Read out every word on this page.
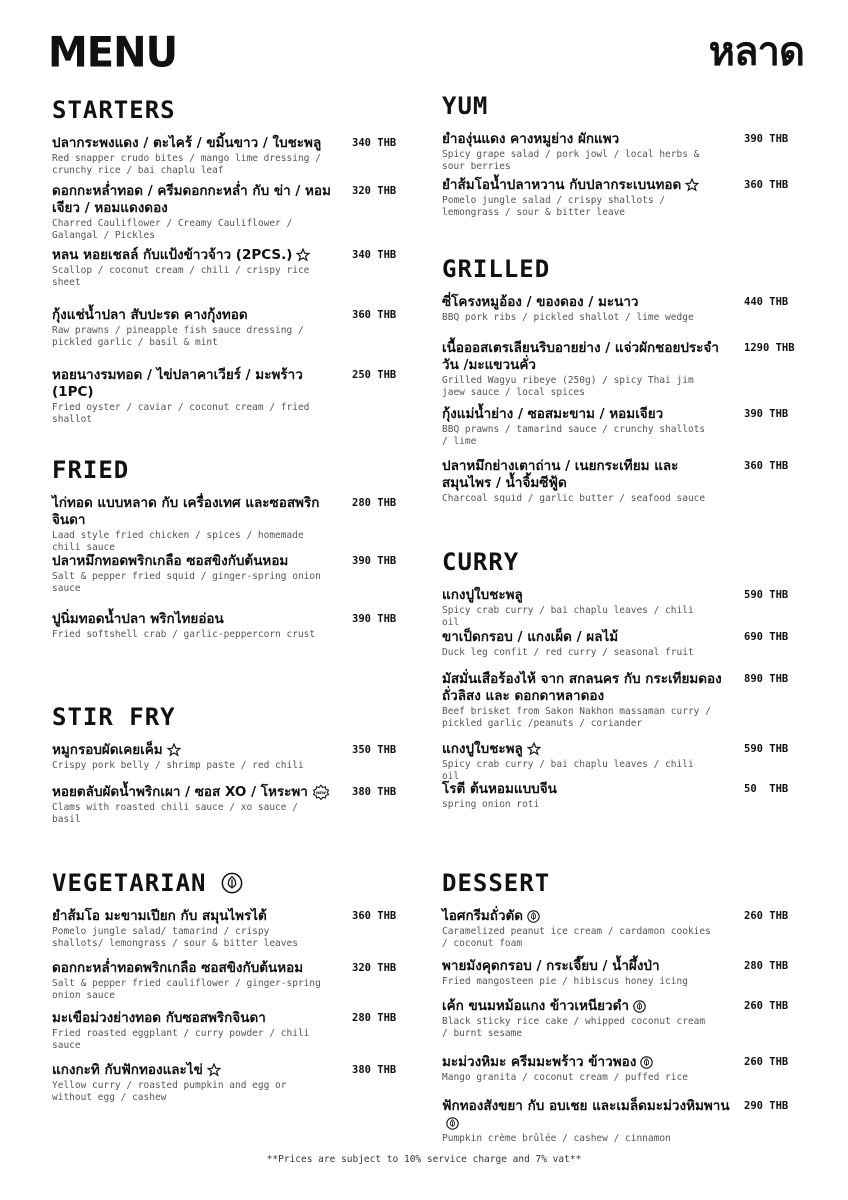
MENU	หลาด
STARTERS
ปลากระพงแดง / ตะไคร้ / ขมิ้นขาว / ใบชะพลู
Red snapper crudo bites / mango lime dressing / crunchy rice / bai chaplu leaf
340 THB
ดอกกะหล่ำทอด / ครีมดอกกะหล่ำ กับ ข่า / หอมเจียว / หอมแดงดอง
Charred Cauliflower / Creamy Cauliflower / Galangal / Pickles
320 THB
หลน หอยเชลล์ กับแป้งข้าวจ้าว (2PCS.)
Scallop / coconut cream / chili / crispy rice sheet
340 THB
กุ้งแช่น้ำปลา สับปะรด คางกุ้งทอด
Raw prawns / pineapple fish sauce dressing / pickled garlic / basil & mint
360 THB
หอยนางรมทอด / ไข่ปลาคาเวียร์ / มะพร้าว (1PC)
Fried oyster / caviar / coconut cream / fried shallot
250 THB
FRIED
ไก่ทอด แบบหลาด กับ เครื่องเทศ และซอสพริกจินดา
Laad style fried chicken / spices / homemade chili sauce
280 THB
ปลาหมึกทอดพริกเกลือ ซอสขิงกับต้นหอม
Salt & pepper fried squid / ginger-spring onion sauce
390 THB
ปูนิ่มทอดน้ำปลา พริกไทยอ่อน
Fried softshell crab / garlic-peppercorn crust
390 THB
STIR FRY
หมูกรอบผัดเคยเค็ม
Crispy pork belly / shrimp paste / red chili
350 THB
หอยตลับผัดน้ำพริกเผา / ซอส XO / โหระพา NEW
Clams with roasted chili sauce / xo sauce / basil
380 THB
VEGETARIAN
ยำส้มโอ มะขามเปียก กับ สมุนไพรไต้
Pomelo jungle salad/ tamarind / crispy shallots/ lemongrass / sour & bitter leaves
360 THB
ดอกกะหล่ำทอดพริกเกลือ ซอสขิงกับต้นหอม
Salt & pepper fried cauliflower / ginger-spring onion sauce
320 THB
มะเขือม่วงย่างทอด กับซอสพริกจินดา
Fried roasted eggplant / curry powder / chili sauce
280 THB
แกงกะทิ กับฟักทองและไข่
Yellow curry / roasted pumpkin and egg or without egg / cashew
380 THB
YUM
ยำองุ่นแดง คางหมูย่าง ผักแพว
Spicy grape salad / pork jowl / local herbs & sour berries
390 THB
ยำส้มโอน้ำปลาหวาน กับปลากระเบนทอด
Pomelo jungle salad / crispy shallots / lemongrass / sour & bitter leave
360 THB
GRILLED
ซี่โครงหมูอ้อง / ของดอง / มะนาว
BBQ pork ribs / pickled shallot / lime wedge
440 THB
เนื้อออสเตรเลียนริบอายย่าง / แจ่วผักชอยประจำวัน /มะแขวนคั่ว
Grilled Wagyu ribeye (250g) / spicy Thai jim jaew sauce / local spices
1290 THB
กุ้งแม่น้ำย่าง / ซอสมะขาม / หอมเจียว
BBQ prawns / tamarind sauce / crunchy shallots / lime
390 THB
ปลาหมึกย่างเตาถ่าน / เนยกระเทียม และ สมุนไพร / น้ำจิ้มซีฟู้ด
Charcoal squid / garlic butter / seafood sauce
360 THB
CURRY
แกงปูใบชะพลู
Spicy crab curry / bai chaplu leaves / chili oil
590 THB
ขาเป็ดกรอบ / แกงเผ็ด / ผลไม้
Duck leg confit / red curry / seasonal fruit
690 THB
มัสมั่นเสือร้องไห้ จาก สกลนคร กับ กระเทียมดอง ถั่วลิสง และ ดอกดาหลาดอง
Beef brisket from Sakon Nakhon massaman curry / pickled garlic /peanuts / coriander
890 THB
แกงปูใบชะพลู
Spicy crab curry / bai chaplu leaves / chili oil
590 THB
โรตี ต้นหอมแบบจีน
spring onion roti
50  THB
DESSERT
ไอศกรีมถั่วตัด
Caramelized peanut ice cream / cardamon cookies / coconut foam
260 THB
พายมังคุดกรอบ / กระเจี๊ยบ / น้ำผึ้งป่า
Fried mangosteen pie / hibiscus honey icing
280 THB
เค้ก ขนมหม้อแกง ข้าวเหนียวดำ
Black sticky rice cake / whipped coconut cream / burnt sesame
260 THB
มะม่วงหิมะ ครีมมะพร้าว ข้าวพอง
Mango granita / coconut cream / puffed rice
260 THB
ฟักทองสังขยา กับ อบเชย และเมล็ดมะม่วงหิมพาน
Pumpkin crème brûlée / cashew / cinnamon
290 THB
**Prices are subject to 10% service charge and 7% vat**
